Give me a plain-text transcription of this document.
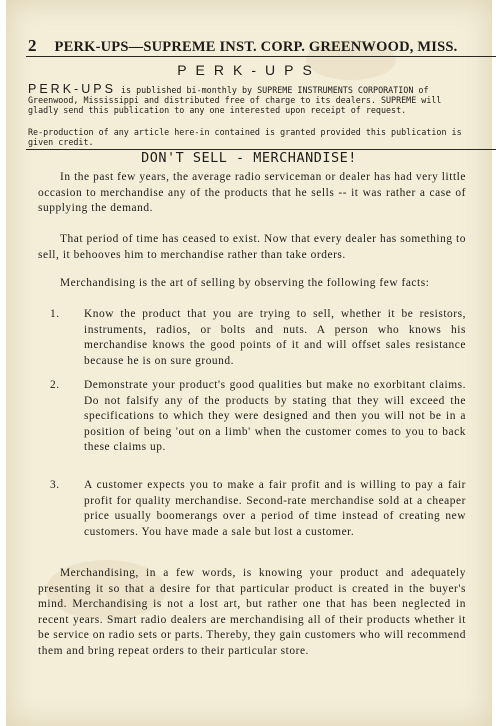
2 PERK-UPS—SUPREME INST. CORP. GREENWOOD, MISS.
PERK-UPS
PERK-UPS is published bi-monthly by SUPREME INSTRUMENTS CORPORATION of Greenwood, Mississippi and distributed free of charge to its dealers. SUPREME will gladly send this publication to any one interested upon receipt of request.
Re-production of any article here-in contained is granted provided this publication is given credit.
DON'T SELL - MERCHANDISE!

In the past few years, the average radio serviceman or dealer has had very little occasion to merchandise any of the products that he sells -- it was rather a case of supplying the demand.

That period of time has ceased to exist. Now that every dealer has something to sell, it behooves him to merchandise rather than take orders.

Merchandising is the art of selling by observing the following few facts:

1. Know the product that you are trying to sell, whether it be resistors, instruments, radios, or bolts and nuts. A person who knows his merchandise knows the good points of it and will offset sales resistance because he is on sure ground.
2. Demonstrate your product's good qualities but make no exorbitant claims. Do not falsify any of the products by stating that they will exceed the specifications to which they were designed and then you will not be in a position of being 'out on a limb' when the customer comes to you to back these claims up.
3. A customer expects you to make a fair profit and is willing to pay a fair profit for quality merchandise. Second-rate merchandise sold at a cheaper price usually boomerangs over a period of time instead of creating new customers. You have made a sale but lost a customer.

Merchandising, in a few words, is knowing your product and adequately presenting it so that a desire for that particular product is created in the buyer's mind. Merchandising is not a lost art, but rather one that has been neglected in recent years. Smart radio dealers are merchandising all of their products whether it be service on radio sets or parts. Thereby, they gain customers who will recommend them and bring repeat orders to their particular store.
